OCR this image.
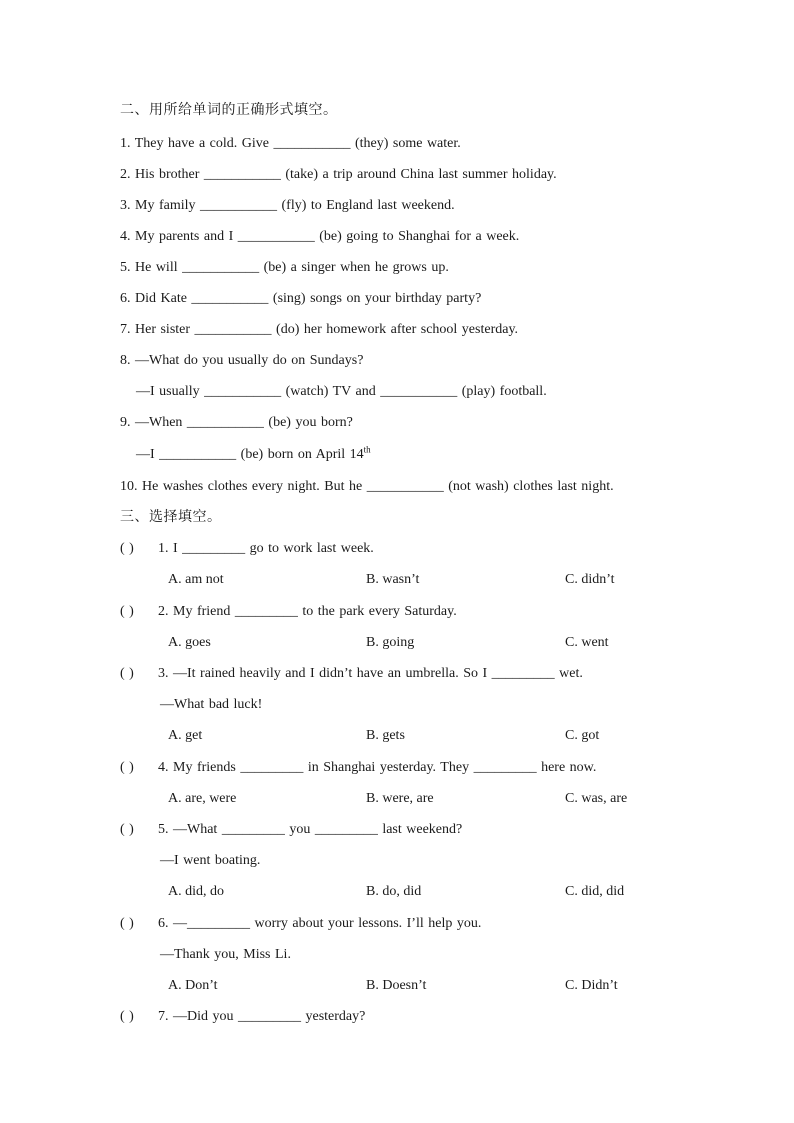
二、用所给单词的正确形式填空。
1. They have a cold. Give ___________ (they) some water.
2. His brother ___________ (take) a trip around China last summer holiday.
3. My family ___________ (fly) to England last weekend.
4. My parents and I ___________ (be) going to Shanghai for a week.
5. He will ___________ (be) a singer when he grows up.
6. Did Kate ___________ (sing) songs on your birthday party?
7. Her sister ___________ (do) her homework after school yesterday.
8. —What do you usually do on Sundays?
—I usually ___________ (watch) TV and ___________ (play) football.
9. —When ___________ (be) you born?
—I ___________ (be) born on April 14th
10. He washes clothes every night. But he ___________ (not wash) clothes last night.
三、选择填空。
( ) 1. I _________ go to work last week.
A. am not	B. wasn’t	C. didn’t
( ) 2. My friend _________ to the park every Saturday.
A. goes	B. going	C. went
( ) 3. —It rained heavily and I didn’t have an umbrella. So I _________ wet.
—What bad luck!
A. get	B. gets	C. got
( ) 4. My friends _________ in Shanghai yesterday. They _________ here now.
A. are, were	B. were, are	C. was, are
( ) 5. —What _________ you _________ last weekend?
—I went boating.
A. did, do	B. do, did	C. did, did
( ) 6. —_________ worry about your lessons. I’ll help you.
—Thank you, Miss Li.
A. Don’t	B. Doesn’t	C. Didn’t
( ) 7. —Did you _________ yesterday?
